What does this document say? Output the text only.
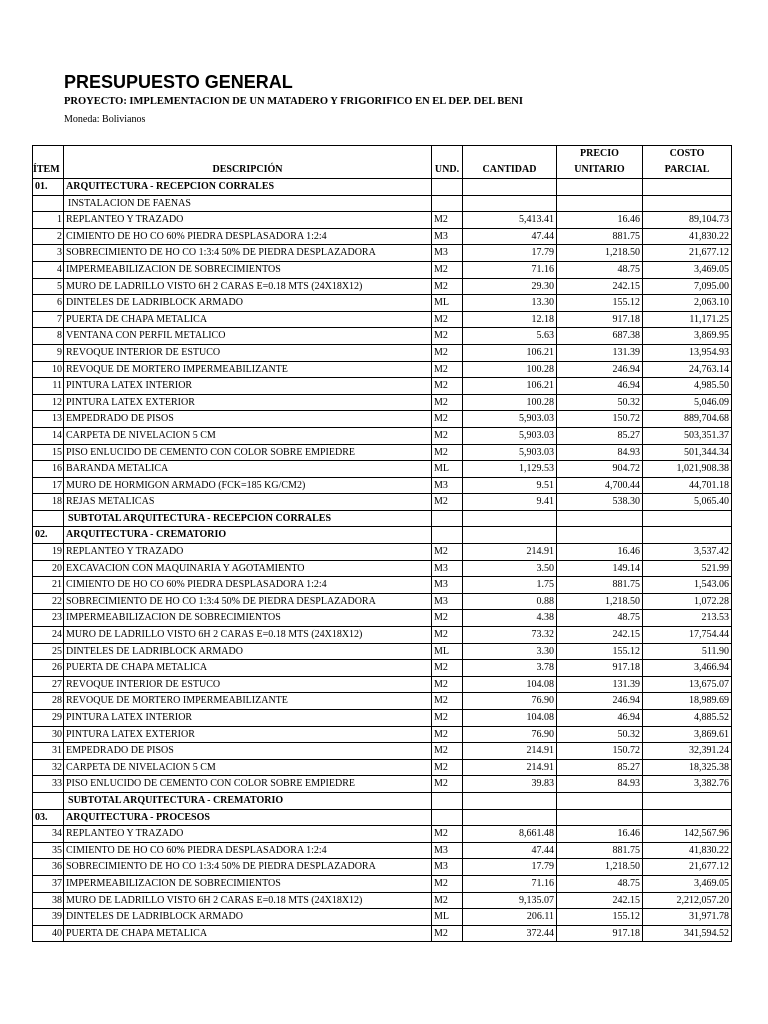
PRESUPUESTO GENERAL
PROYECTO: IMPLEMENTACION DE UN MATADERO Y FRIGORIFICO EN EL DEP. DEL BENI
Moneda: Bolivianos
				PRECIO	COSTO
ÍTEM	DESCRIPCIÓN	UND.	CANTIDAD	UNITARIO	PARCIAL
01.	ARQUITECTURA - RECEPCION CORRALES				
	INSTALACION DE FAENAS				
1	REPLANTEO Y TRAZADO	M2	5,413.41	16.46	89,104.73
2	CIMIENTO DE HO CO 60% PIEDRA DESPLASADORA 1:2:4	M3	47.44	881.75	41,830.22
3	SOBRECIMIENTO DE HO CO 1:3:4 50% DE PIEDRA DESPLAZADORA	M3	17.79	1,218.50	21,677.12
4	IMPERMEABILIZACION DE SOBRECIMIENTOS	M2	71.16	48.75	3,469.05
5	MURO DE LADRILLO VISTO 6H 2 CARAS E=0.18 MTS (24X18X12)	M2	29.30	242.15	7,095.00
6	DINTELES DE LADRIBLOCK ARMADO	ML	13.30	155.12	2,063.10
7	PUERTA DE CHAPA METALICA	M2	12.18	917.18	11,171.25
8	VENTANA CON PERFIL METALICO	M2	5.63	687.38	3,869.95
9	REVOQUE INTERIOR DE ESTUCO	M2	106.21	131.39	13,954.93
10	REVOQUE DE MORTERO IMPERMEABILIZANTE	M2	100.28	246.94	24,763.14
11	PINTURA LATEX INTERIOR	M2	106.21	46.94	4,985.50
12	PINTURA LATEX EXTERIOR	M2	100.28	50.32	5,046.09
13	EMPEDRADO DE PISOS	M2	5,903.03	150.72	889,704.68
14	CARPETA DE NIVELACION 5 CM	M2	5,903.03	85.27	503,351.37
15	PISO ENLUCIDO DE CEMENTO CON COLOR SOBRE EMPIEDRE	M2	5,903.03	84.93	501,344.34
16	BARANDA METALICA	ML	1,129.53	904.72	1,021,908.38
17	MURO DE HORMIGON ARMADO (FCK=185 KG/CM2)	M3	9.51	4,700.44	44,701.18
18	REJAS METALICAS	M2	9.41	538.30	5,065.40
	SUBTOTAL ARQUITECTURA - RECEPCION CORRALES				
02.	ARQUITECTURA - CREMATORIO				
19	REPLANTEO Y TRAZADO	M2	214.91	16.46	3,537.42
20	EXCAVACION CON MAQUINARIA Y AGOTAMIENTO	M3	3.50	149.14	521.99
21	CIMIENTO DE HO CO 60% PIEDRA DESPLASADORA 1:2:4	M3	1.75	881.75	1,543.06
22	SOBRECIMIENTO DE HO CO 1:3:4 50% DE PIEDRA DESPLAZADORA	M3	0.88	1,218.50	1,072.28
23	IMPERMEABILIZACION DE SOBRECIMIENTOS	M2	4.38	48.75	213.53
24	MURO DE LADRILLO VISTO 6H 2 CARAS E=0.18 MTS (24X18X12)	M2	73.32	242.15	17,754.44
25	DINTELES DE LADRIBLOCK ARMADO	ML	3.30	155.12	511.90
26	PUERTA DE CHAPA METALICA	M2	3.78	917.18	3,466.94
27	REVOQUE INTERIOR DE ESTUCO	M2	104.08	131.39	13,675.07
28	REVOQUE DE MORTERO IMPERMEABILIZANTE	M2	76.90	246.94	18,989.69
29	PINTURA LATEX INTERIOR	M2	104.08	46.94	4,885.52
30	PINTURA LATEX EXTERIOR	M2	76.90	50.32	3,869.61
31	EMPEDRADO DE PISOS	M2	214.91	150.72	32,391.24
32	CARPETA DE NIVELACION 5 CM	M2	214.91	85.27	18,325.38
33	PISO ENLUCIDO DE CEMENTO CON COLOR SOBRE EMPIEDRE	M2	39.83	84.93	3,382.76
	SUBTOTAL ARQUITECTURA - CREMATORIO				
03.	ARQUITECTURA - PROCESOS				
34	REPLANTEO Y TRAZADO	M2	8,661.48	16.46	142,567.96
35	CIMIENTO DE HO CO 60% PIEDRA DESPLASADORA 1:2:4	M3	47.44	881.75	41,830.22
36	SOBRECIMIENTO DE HO CO 1:3:4 50% DE PIEDRA DESPLAZADORA	M3	17.79	1,218.50	21,677.12
37	IMPERMEABILIZACION DE SOBRECIMIENTOS	M2	71.16	48.75	3,469.05
38	MURO DE LADRILLO VISTO 6H 2 CARAS E=0.18 MTS (24X18X12)	M2	9,135.07	242.15	2,212,057.20
39	DINTELES DE LADRIBLOCK ARMADO	ML	206.11	155.12	31,971.78
40	PUERTA DE CHAPA METALICA	M2	372.44	917.18	341,594.52
